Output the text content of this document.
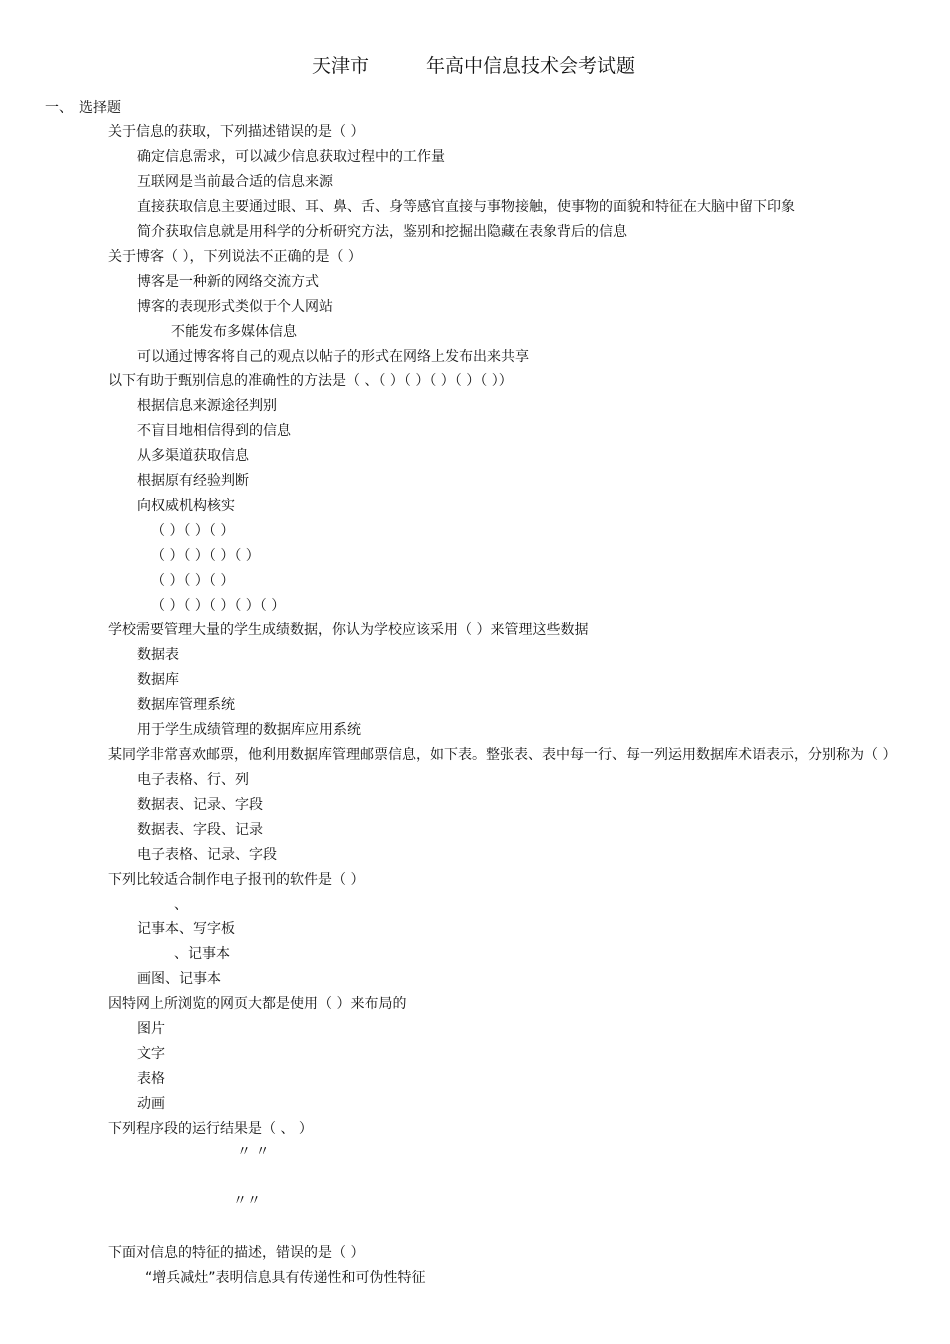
天津市	年高中信息技术会考试题
一、 选择题
关于信息的获取，下列描述错误的是（ ）
确定信息需求，可以减少信息获取过程中的工作量
互联网是当前最合适的信息来源
直接获取信息主要通过眼、耳、鼻、舌、身等感官直接与事物接触，使事物的面貌和特征在大脑中留下印象
简介获取信息就是用科学的分析研究方法，鉴别和挖掘出隐藏在表象背后的信息
关于博客（ ），下列说法不正确的是（ ）
博客是一种新的网络交流方式
博客的表现形式类似于个人网站
不能发布多媒体信息
可以通过博客将自己的观点以帖子的形式在网络上发布出来共享
以下有助于甄别信息的准确性的方法是（ 、（ ）（ ）（ ）（ ）（ ））
根据信息来源途径判别
不盲目地相信得到的信息
从多渠道获取信息
根据原有经验判断
向权威机构核实
（ ）（ ）（ ）
（ ）（ ）（ ）（ ）
（ ）（ ）（ ）
（ ）（ ）（ ）（ ）（ ）
学校需要管理大量的学生成绩数据，你认为学校应该采用（ ）来管理这些数据
数据表
数据库
数据库管理系统
用于学生成绩管理的数据库应用系统
某同学非常喜欢邮票，他利用数据库管理邮票信息，如下表。整张表、表中每一行、每一列运用数据库术语表示，分别称为（ ）
电子表格、行、列
数据表、记录、字段
数据表、字段、记录
电子表格、记录、字段
下列比较适合制作电子报刊的软件是（ ）
、
记事本、写字板
、记事本
画图、记事本
因特网上所浏览的网页大都是使用（ ）来布局的
图片
文字
表格
动画
下列程序段的运行结果是（ 、 ）
〃 〃
〃〃
下面对信息的特征的描述，错误的是（ ）
“增兵减灶”表明信息具有传递性和可伪性特征
